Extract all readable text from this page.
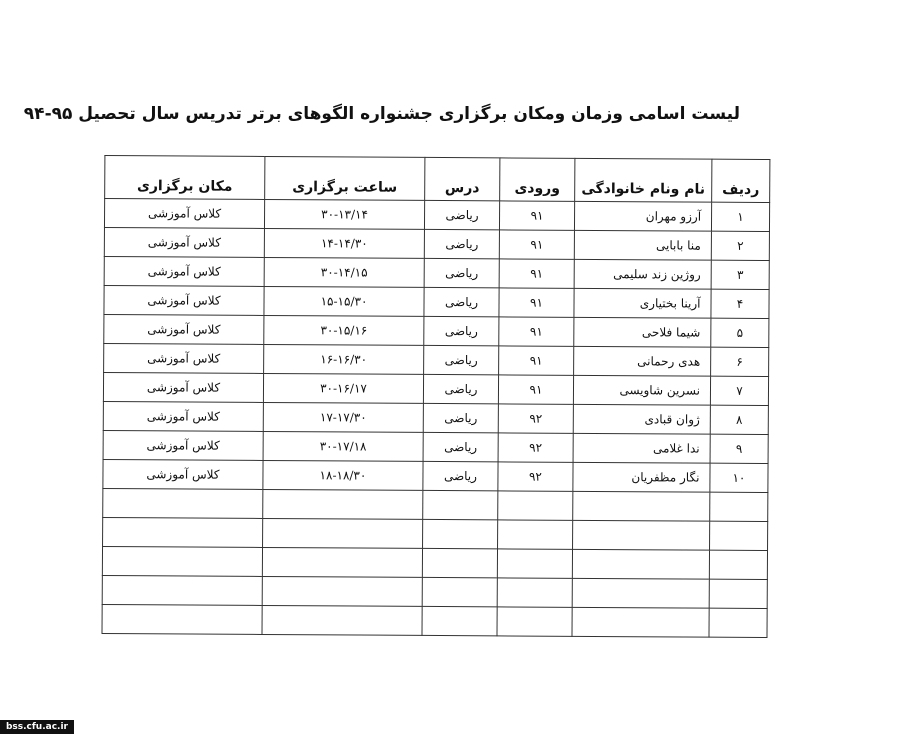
لیست اسامی وزمان ومکان برگزاری جشنواره الگوهای برتر تدریس سال تحصیل ۹۵-۹۴
ردیف	نام ونام خانوادگی	ورودی	درس	ساعت برگزاری	مکان برگزاری
۱	آرزو مهران	۹۱	ریاضی	۳۰-۱۳/۱۴	کلاس آموزشی
۲	منا بابایی	۹۱	ریاضی	۱۴-۱۴/۳۰	کلاس آموزشی
۳	روژین زند سلیمی	۹۱	ریاضی	۳۰-۱۴/۱۵	کلاس آموزشی
۴	آرینا بختیاری	۹۱	ریاضی	۱۵-۱۵/۳۰	کلاس آموزشی
۵	شیما فلاحی	۹۱	ریاضی	۳۰-۱۵/۱۶	کلاس آموزشی
۶	هدی رحمانی	۹۱	ریاضی	۱۶-۱۶/۳۰	کلاس آموزشی
۷	نسرین شاویسی	۹۱	ریاضی	۳۰-۱۶/۱۷	کلاس آموزشی
۸	ژوان قبادی	۹۲	ریاضی	۱۷-۱۷/۳۰	کلاس آموزشی
۹	ندا غلامی	۹۲	ریاضی	۳۰-۱۷/۱۸	کلاس آموزشی
۱۰	نگار مظفریان	۹۲	ریاضی	۱۸-۱۸/۳۰	کلاس آموزشی

bss.cfu.ac.ir
